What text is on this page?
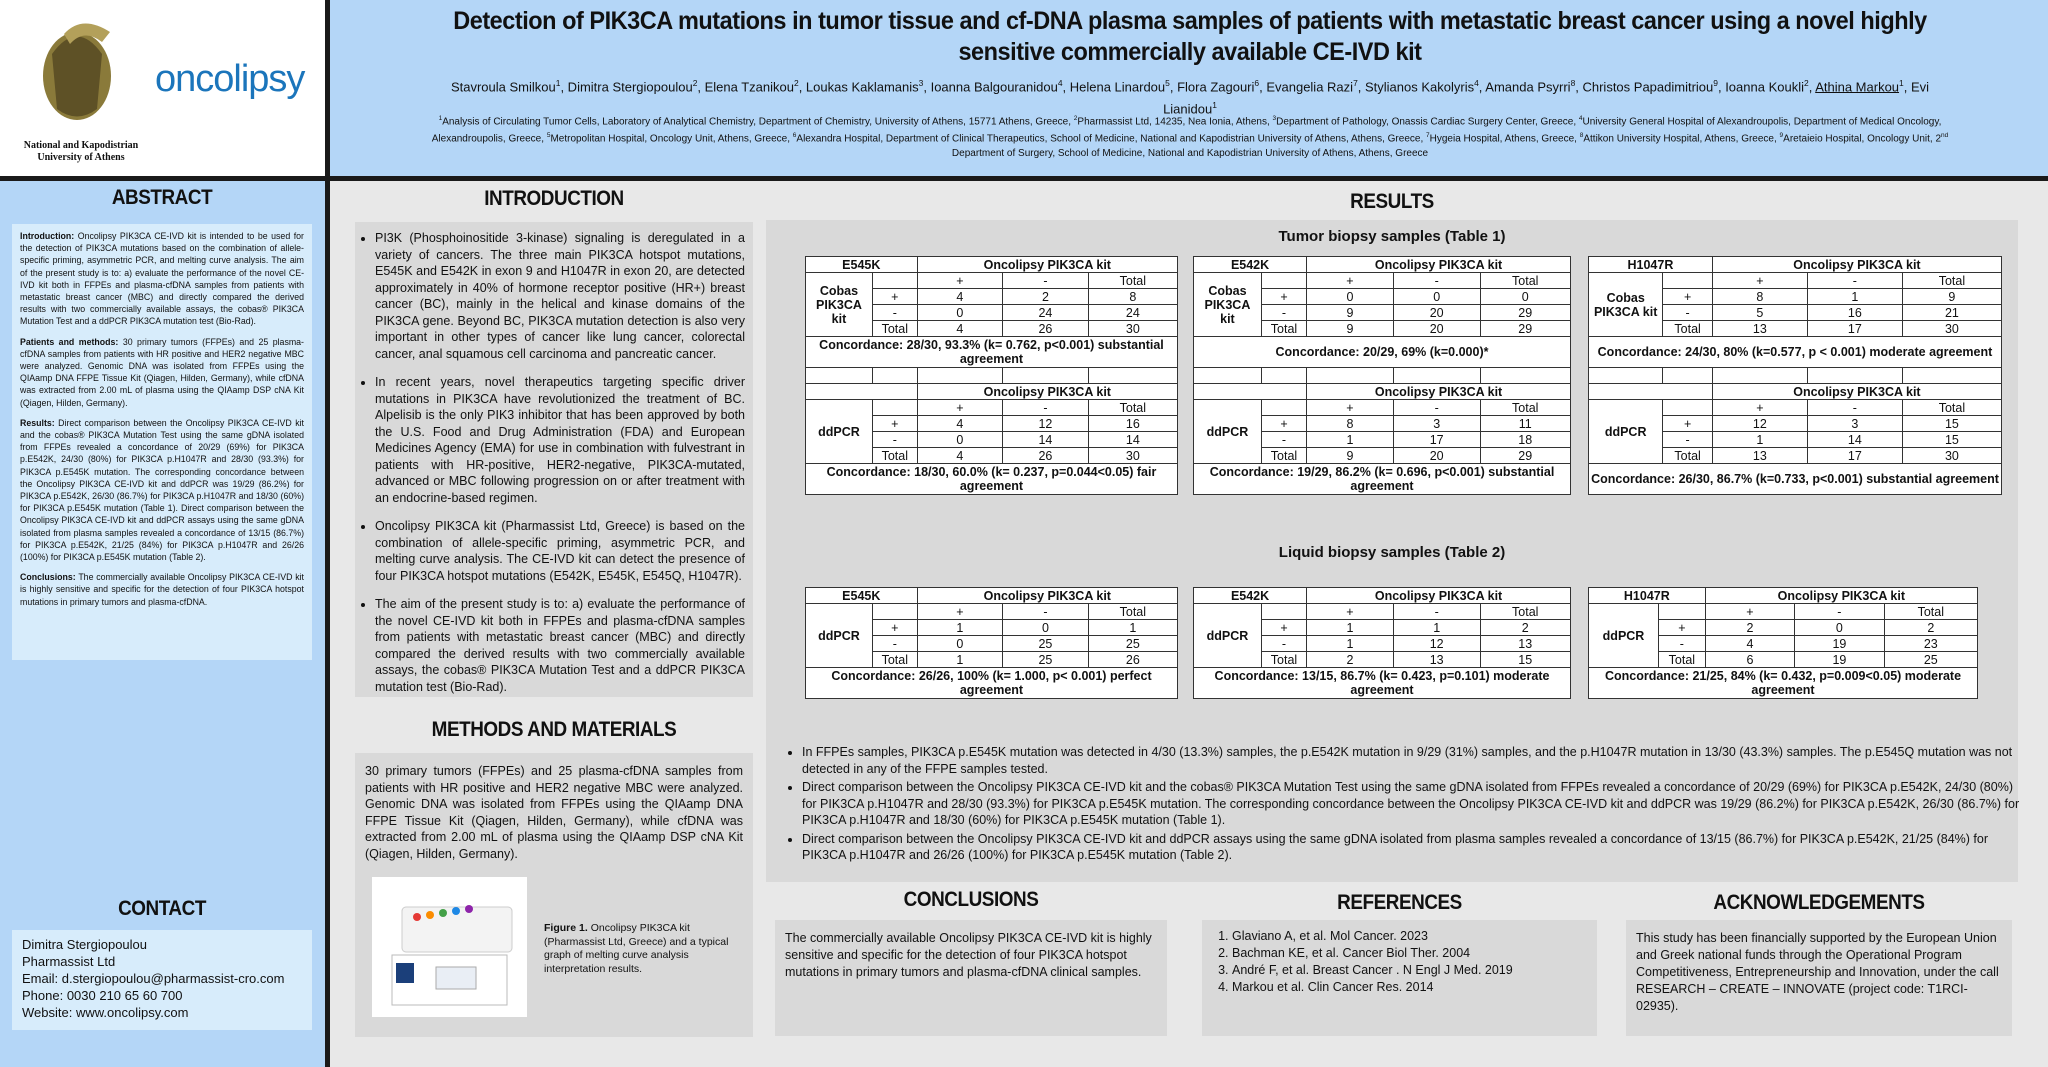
National and Kapodistrian University of Athens
oncolipsy
Detection of PIK3CA mutations in tumor tissue and cf-DNA plasma samples of patients with metastatic breast cancer using a novel highly sensitive commercially available CE-IVD kit
Stavroula Smilkou$^1$, Dimitra Stergiopoulou$^2$, Elena Tzanikou$^2$, Loukas Kaklamanis$^3$, Ioanna Balgouranidou$^4$, Helena Linardou$^5$, Flora Zagouri$^6$, Evangelia Razi$^7$, Stylianos Kakolyris$^4$, Amanda Psyrri$^8$, Christos Papadimitriou$^9$, Ioanna Koukli$^2$, Athina Markou$^1$, Evi Lianidou$^1$
$^1$Analysis of Circulating Tumor Cells, Laboratory of Analytical Chemistry, Department of Chemistry, University of Athens, 15771 Athens, Greece, $^2$Pharmassist Ltd, 14235, Nea Ionia, Athens, $^3$Department of Pathology, Onassis Cardiac Surgery Center, Greece, $^4$University General Hospital of Alexandroupolis, Department of Medical Oncology, Alexandroupolis, Greece, $^5$Metropolitan Hospital, Oncology Unit, Athens, Greece, $^6$Alexandra Hospital, Department of Clinical Therapeutics, School of Medicine, National and Kapodistrian University of Athens, Athens, Greece, $^7$Hygeia Hospital, Athens, Greece, $^8$Attikon University Hospital, Athens, Greece, $^9$Aretaieio Hospital, Oncology Unit, 2nd Department of Surgery, School of Medicine, National and Kapodistrian University of Athens, Athens, Greece
ABSTRACT

Introduction: Oncolipsy PIK3CA CE-IVD kit is intended to be used for the detection of PIK3CA mutations based on the combination of allele-specific priming, asymmetric PCR, and melting curve analysis. The aim of the present study is to: a) evaluate the performance of the novel CE-IVD kit both in FFPEs and plasma-cfDNA samples from patients with metastatic breast cancer (MBC) and directly compared the derived results with two commercially available assays, the cobas® PIK3CA Mutation Test and a ddPCR PIK3CA mutation test (Bio-Rad).

Patients and methods: 30 primary tumors (FFPEs) and 25 plasma-cfDNA samples from patients with HR positive and HER2 negative MBC were analyzed. Genomic DNA was isolated from FFPEs using the QIAamp DNA FFPE Tissue Kit (Qiagen, Hilden, Germany), while cfDNA was extracted from 2.00 mL of plasma using the QIAamp DSP cNA Kit (Qiagen, Hilden, Germany).

Results: Direct comparison between the Oncolipsy PIK3CA CE-IVD kit and the cobas® PIK3CA Mutation Test using the same gDNA isolated from FFPEs revealed a concordance of 20/29 (69%) for PIK3CA p.E542K, 24/30 (80%) for PIK3CA p.H1047R and 28/30 (93.3%) for PIK3CA p.E545K mutation. The corresponding concordance between the Oncolipsy PIK3CA CE-IVD kit and ddPCR was 19/29 (86.2%) for PIK3CA p.E542K, 26/30 (86.7%) for PIK3CA p.H1047R and 18/30 (60%) for PIK3CA p.E545K mutation (Table 1). Direct comparison between the Oncolipsy PIK3CA CE-IVD kit and ddPCR assays using the same gDNA isolated from plasma samples revealed a concordance of 13/15 (86.7%) for PIK3CA p.E542K, 21/25 (84%) for PIK3CA p.H1047R and 26/26 (100%) for PIK3CA p.E545K mutation (Table 2).

Conclusions: The commercially available Oncolipsy PIK3CA CE-IVD kit is highly sensitive and specific for the detection of four PIK3CA hotspot mutations in primary tumors and plasma-cfDNA.

CONTACT
Dimitra Stergiopoulou
Pharmassist Ltd
Email: d.stergiopoulou@pharmassist-cro.com
Phone: 0030 210 65 60 700
Website: www.oncolipsy.com
INTRODUCTION
• PI3K (Phosphoinositide 3-kinase) signaling is deregulated in a variety of cancers. The three main PIK3CA hotspot mutations, E545K and E542K in exon 9 and H1047R in exon 20, are detected approximately in 40% of hormone receptor positive (HR+) breast cancer (BC), mainly in the helical and kinase domains of the PIK3CA gene. Beyond BC, PIK3CA mutation detection is also very important in other types of cancer like lung cancer, colorectal cancer, anal squamous cell carcinoma and pancreatic cancer.
• In recent years, novel therapeutics targeting specific driver mutations in PIK3CA have revolutionized the treatment of BC. Alpelisib is the only PIK3 inhibitor that has been approved by both the U.S. Food and Drug Administration (FDA) and European Medicines Agency (EMA) for use in combination with fulvestrant in patients with HR-positive, HER2-negative, PIK3CA-mutated, advanced or MBC following progression on or after treatment with an endocrine-based regimen.
• Oncolipsy PIK3CA kit (Pharmassist Ltd, Greece) is based on the combination of allele-specific priming, asymmetric PCR, and melting curve analysis. The CE-IVD kit can detect the presence of four PIK3CA hotspot mutations (E542K, E545K, E545Q, H1047R).
• The aim of the present study is to: a) evaluate the performance of the novel CE-IVD kit both in FFPEs and plasma-cfDNA samples from patients with metastatic breast cancer (MBC) and directly compared the derived results with two commercially available assays, the cobas® PIK3CA Mutation Test and a ddPCR PIK3CA mutation test (Bio-Rad).
METHODS AND MATERIALS
30 primary tumors (FFPEs) and 25 plasma-cfDNA samples from patients with HR positive and HER2 negative MBC were analyzed. Genomic DNA was isolated from FFPEs using the QIAamp DNA FFPE Tissue Kit (Qiagen, Hilden, Germany), while cfDNA was extracted from 2.00 mL of plasma using the QIAamp DSP cNA Kit (Qiagen, Hilden, Germany).
Figure 1. Oncolipsy PIK3CA kit (Pharmassist Ltd, Greece) and a typical graph of melting curve analysis interpretation results.
RESULTS
Tumor biopsy samples (Table 1)
Liquid biopsy samples (Table 2)
E545K		Oncolipsy PIK3CA kit		
Cobas PIK3CA kit		+	-	Total
	+	4	2	8
	-	0	24	24
	Total	4	26	30
Concordance: 28/30, 93.3% (k= 0.762, p<0.001) substantial agreement				

		Oncolipsy PIK3CA kit		
ddPCR		+	-	Total
	+	4	12	16
	-	0	14	14
	Total	4	26	30
Concordance: 18/30, 60.0% (k= 0.237, p=0.044<0.05) fair agreement				
E542K		Oncolipsy PIK3CA kit		
Cobas PIK3CA kit		+	-	Total
	+	0	0	0
	-	9	20	29
	Total	9	20	29
Concordance: 20/29, 69% (k=0.000)*				

		Oncolipsy PIK3CA kit		
ddPCR		+	-	Total
	+	8	3	11
	-	1	17	18
	Total	9	20	29
Concordance: 19/29, 86.2% (k= 0.696, p<0.001) substantial agreement				
H1047R		Oncolipsy PIK3CA kit		
Cobas PIK3CA kit		+	-	Total
	+	8	1	9
	-	5	16	21
	Total	13	17	30
Concordance: 24/30, 80% (k=0.577, p < 0.001) moderate agreement				

		Oncolipsy PIK3CA kit		
ddPCR		+	-	Total
	+	12	3	15
	-	1	14	15
	Total	13	17	30
Concordance: 26/30, 86.7% (k=0.733, p<0.001) substantial agreement				
E545K		Oncolipsy PIK3CA kit		
ddPCR		+	-	Total
	+	1	0	1
	-	0	25	25
	Total	1	25	26
Concordance: 26/26, 100% (k= 1.000, p< 0.001) perfect agreement				
E542K		Oncolipsy PIK3CA kit		
ddPCR		+	-	Total
	+	1	1	2
	-	1	12	13
	Total	2	13	15
Concordance: 13/15, 86.7% (k= 0.423, p=0.101) moderate agreement				
H1047R		Oncolipsy PIK3CA kit		
ddPCR		+	-	Total
	+	2	0	2
	-	4	19	23
	Total	6	19	25
Concordance: 21/25, 84% (k= 0.432, p=0.009<0.05) moderate agreement				
• In FFPEs samples, PIK3CA p.E545K mutation was detected in 4/30 (13.3%) samples, the p.E542K mutation in 9/29 (31%) samples, and the p.H1047R mutation in 13/30 (43.3%) samples. The p.E545Q mutation was not detected in any of the FFPE samples tested.
• Direct comparison between the Oncolipsy PIK3CA CE-IVD kit and the cobas® PIK3CA Mutation Test using the same gDNA isolated from FFPEs revealed a concordance of 20/29 (69%) for PIK3CA p.E542K, 24/30 (80%) for PIK3CA p.H1047R and 28/30 (93.3%) for PIK3CA p.E545K mutation. The corresponding concordance between the Oncolipsy PIK3CA CE-IVD kit and ddPCR was 19/29 (86.2%) for PIK3CA p.E542K, 26/30 (86.7%) for PIK3CA p.H1047R and 18/30 (60%) for PIK3CA p.E545K mutation (Table 1).
• Direct comparison between the Oncolipsy PIK3CA CE-IVD kit and ddPCR assays using the same gDNA isolated from plasma samples revealed a concordance of 13/15 (86.7%) for PIK3CA p.E542K, 21/25 (84%) for PIK3CA p.H1047R and 26/26 (100%) for PIK3CA p.E545K mutation (Table 2).
CONCLUSIONS
The commercially available Oncolipsy PIK3CA CE-IVD kit is highly sensitive and specific for the detection of four PIK3CA hotspot mutations in primary tumors and plasma-cfDNA clinical samples.
REFERENCES
1. Glaviano A, et al. Mol Cancer. 2023
2. Bachman KE, et al. Cancer Biol Ther. 2004
3. André F, et al. Breast Cancer . N Engl J Med. 2019
4. Markou et al. Clin Cancer Res. 2014
ACKNOWLEDGEMENTS
This study has been financially supported by the European Union and Greek national funds through the Operational Program Competitiveness, Entrepreneurship and Innovation, under the call RESEARCH – CREATE – INNOVATE (project code: T1RCI-02935).
